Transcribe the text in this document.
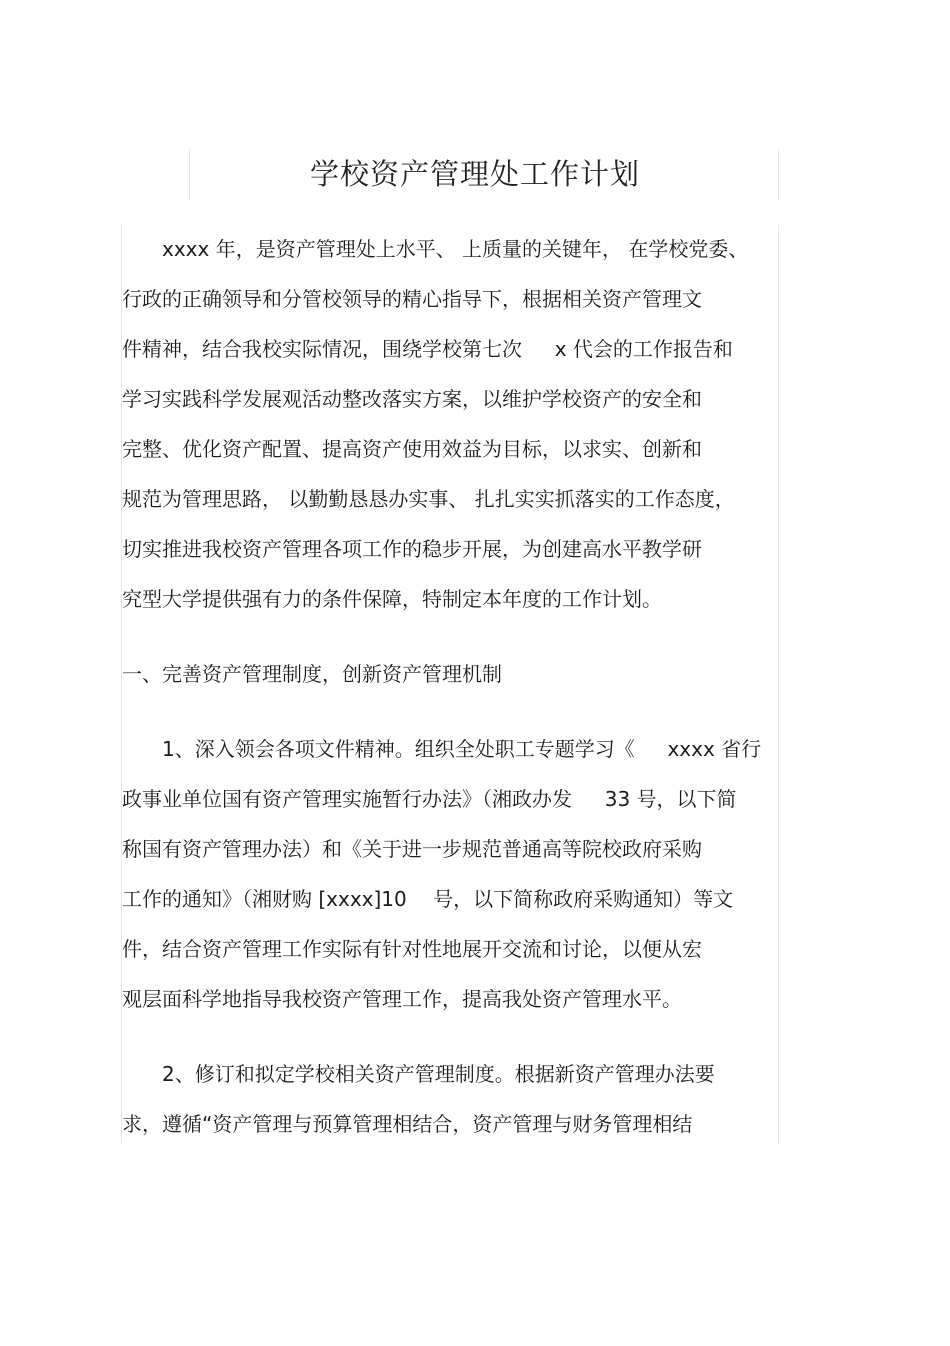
学校资产管理处工作计划
xxxx 年，是资产管理处上水平、 上质量的关键年， 在学校党委、
行政的正确领导和分管校领导的精心指导下，根据相关资产管理文
件精神，结合我校实际情况，围绕学校第七次 　 x 代会的工作报告和
学习实践科学发展观活动整改落实方案，以维护学校资产的安全和
完整、优化资产配置、提高资产使用效益为目标，以求实、创新和
规范为管理思路， 以勤勤恳恳办实事、 扎扎实实抓落实的工作态度，
切实推进我校资产管理各项工作的稳步开展，为创建高水平教学研
究型大学提供强有力的条件保障，特制定本年度的工作计划。
一、完善资产管理制度，创新资产管理机制
1、深入领会各项文件精神。组织全处职工专题学习《 　 xxxx 省行
政事业单位国有资产管理实施暂行办法》（湘政办发 　 33 号，以下简
称国有资产管理办法）和《关于进一步规范普通高等院校政府采购
工作的通知》（湘财购 [xxxx]10 　号，以下简称政府采购通知）等文
件，结合资产管理工作实际有针对性地展开交流和讨论，以便从宏
观层面科学地指导我校资产管理工作，提高我处资产管理水平。
2、修订和拟定学校相关资产管理制度。根据新资产管理办法要
求，遵循“资产管理与预算管理相结合，资产管理与财务管理相结
